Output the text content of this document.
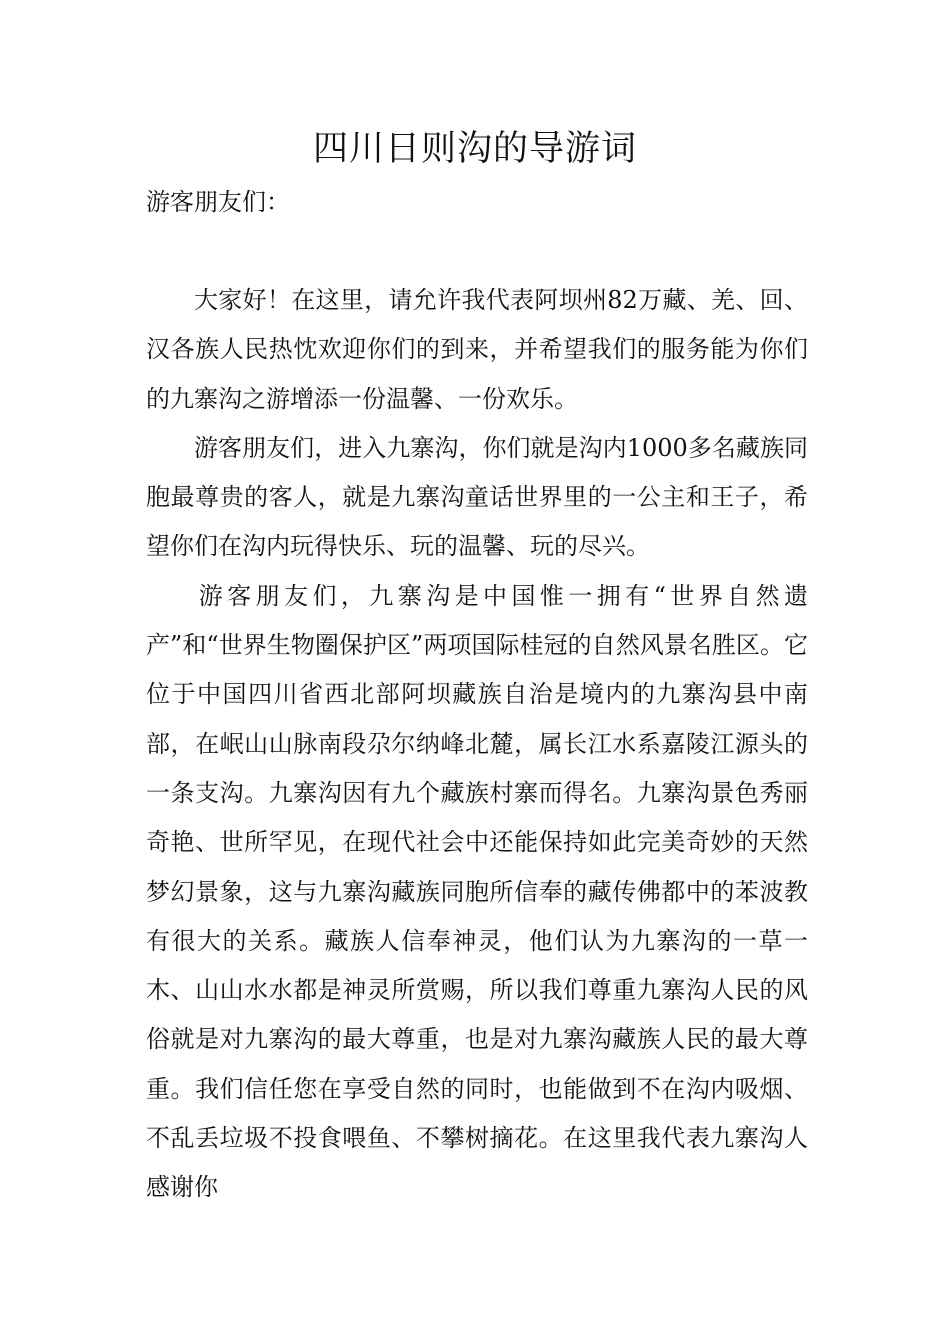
四川日则沟的导游词

游客朋友们：

大家好！在这里，请允许我代表阿坝州82万藏、羌、回、汉各族人民热忱欢迎你们的到来，并希望我们的服务能为你们的九寨沟之游增添一份温馨、一份欢乐。

游客朋友们，进入九寨沟，你们就是沟内1000多名藏族同胞最尊贵的客人，就是九寨沟童话世界里的一公主和王子，希望你们在沟内玩得快乐、玩的温馨、玩的尽兴。

游客朋友们，九寨沟是中国惟一拥有“世界自然遗产”和“世界生物圈保护区”两项国际桂冠的自然风景名胜区。它位于中国四川省西北部阿坝藏族自治是境内的九寨沟县中南部，在岷山山脉南段尕尔纳峰北麓，属长江水系嘉陵江源头的一条支沟。九寨沟因有九个藏族村寨而得名。九寨沟景色秀丽奇艳、世所罕见，在现代社会中还能保持如此完美奇妙的天然梦幻景象，这与九寨沟藏族同胞所信奉的藏传佛都中的苯波教有很大的关系。藏族人信奉神灵，他们认为九寨沟的一草一木、山山水水都是神灵所赏赐，所以我们尊重九寨沟人民的风俗就是对九寨沟的最大尊重，也是对九寨沟藏族人民的最大尊重。我们信任您在享受自然的同时，也能做到不在沟内吸烟、不乱丢垃圾不投食喂鱼、不攀树摘花。在这里我代表九寨沟人感谢你
